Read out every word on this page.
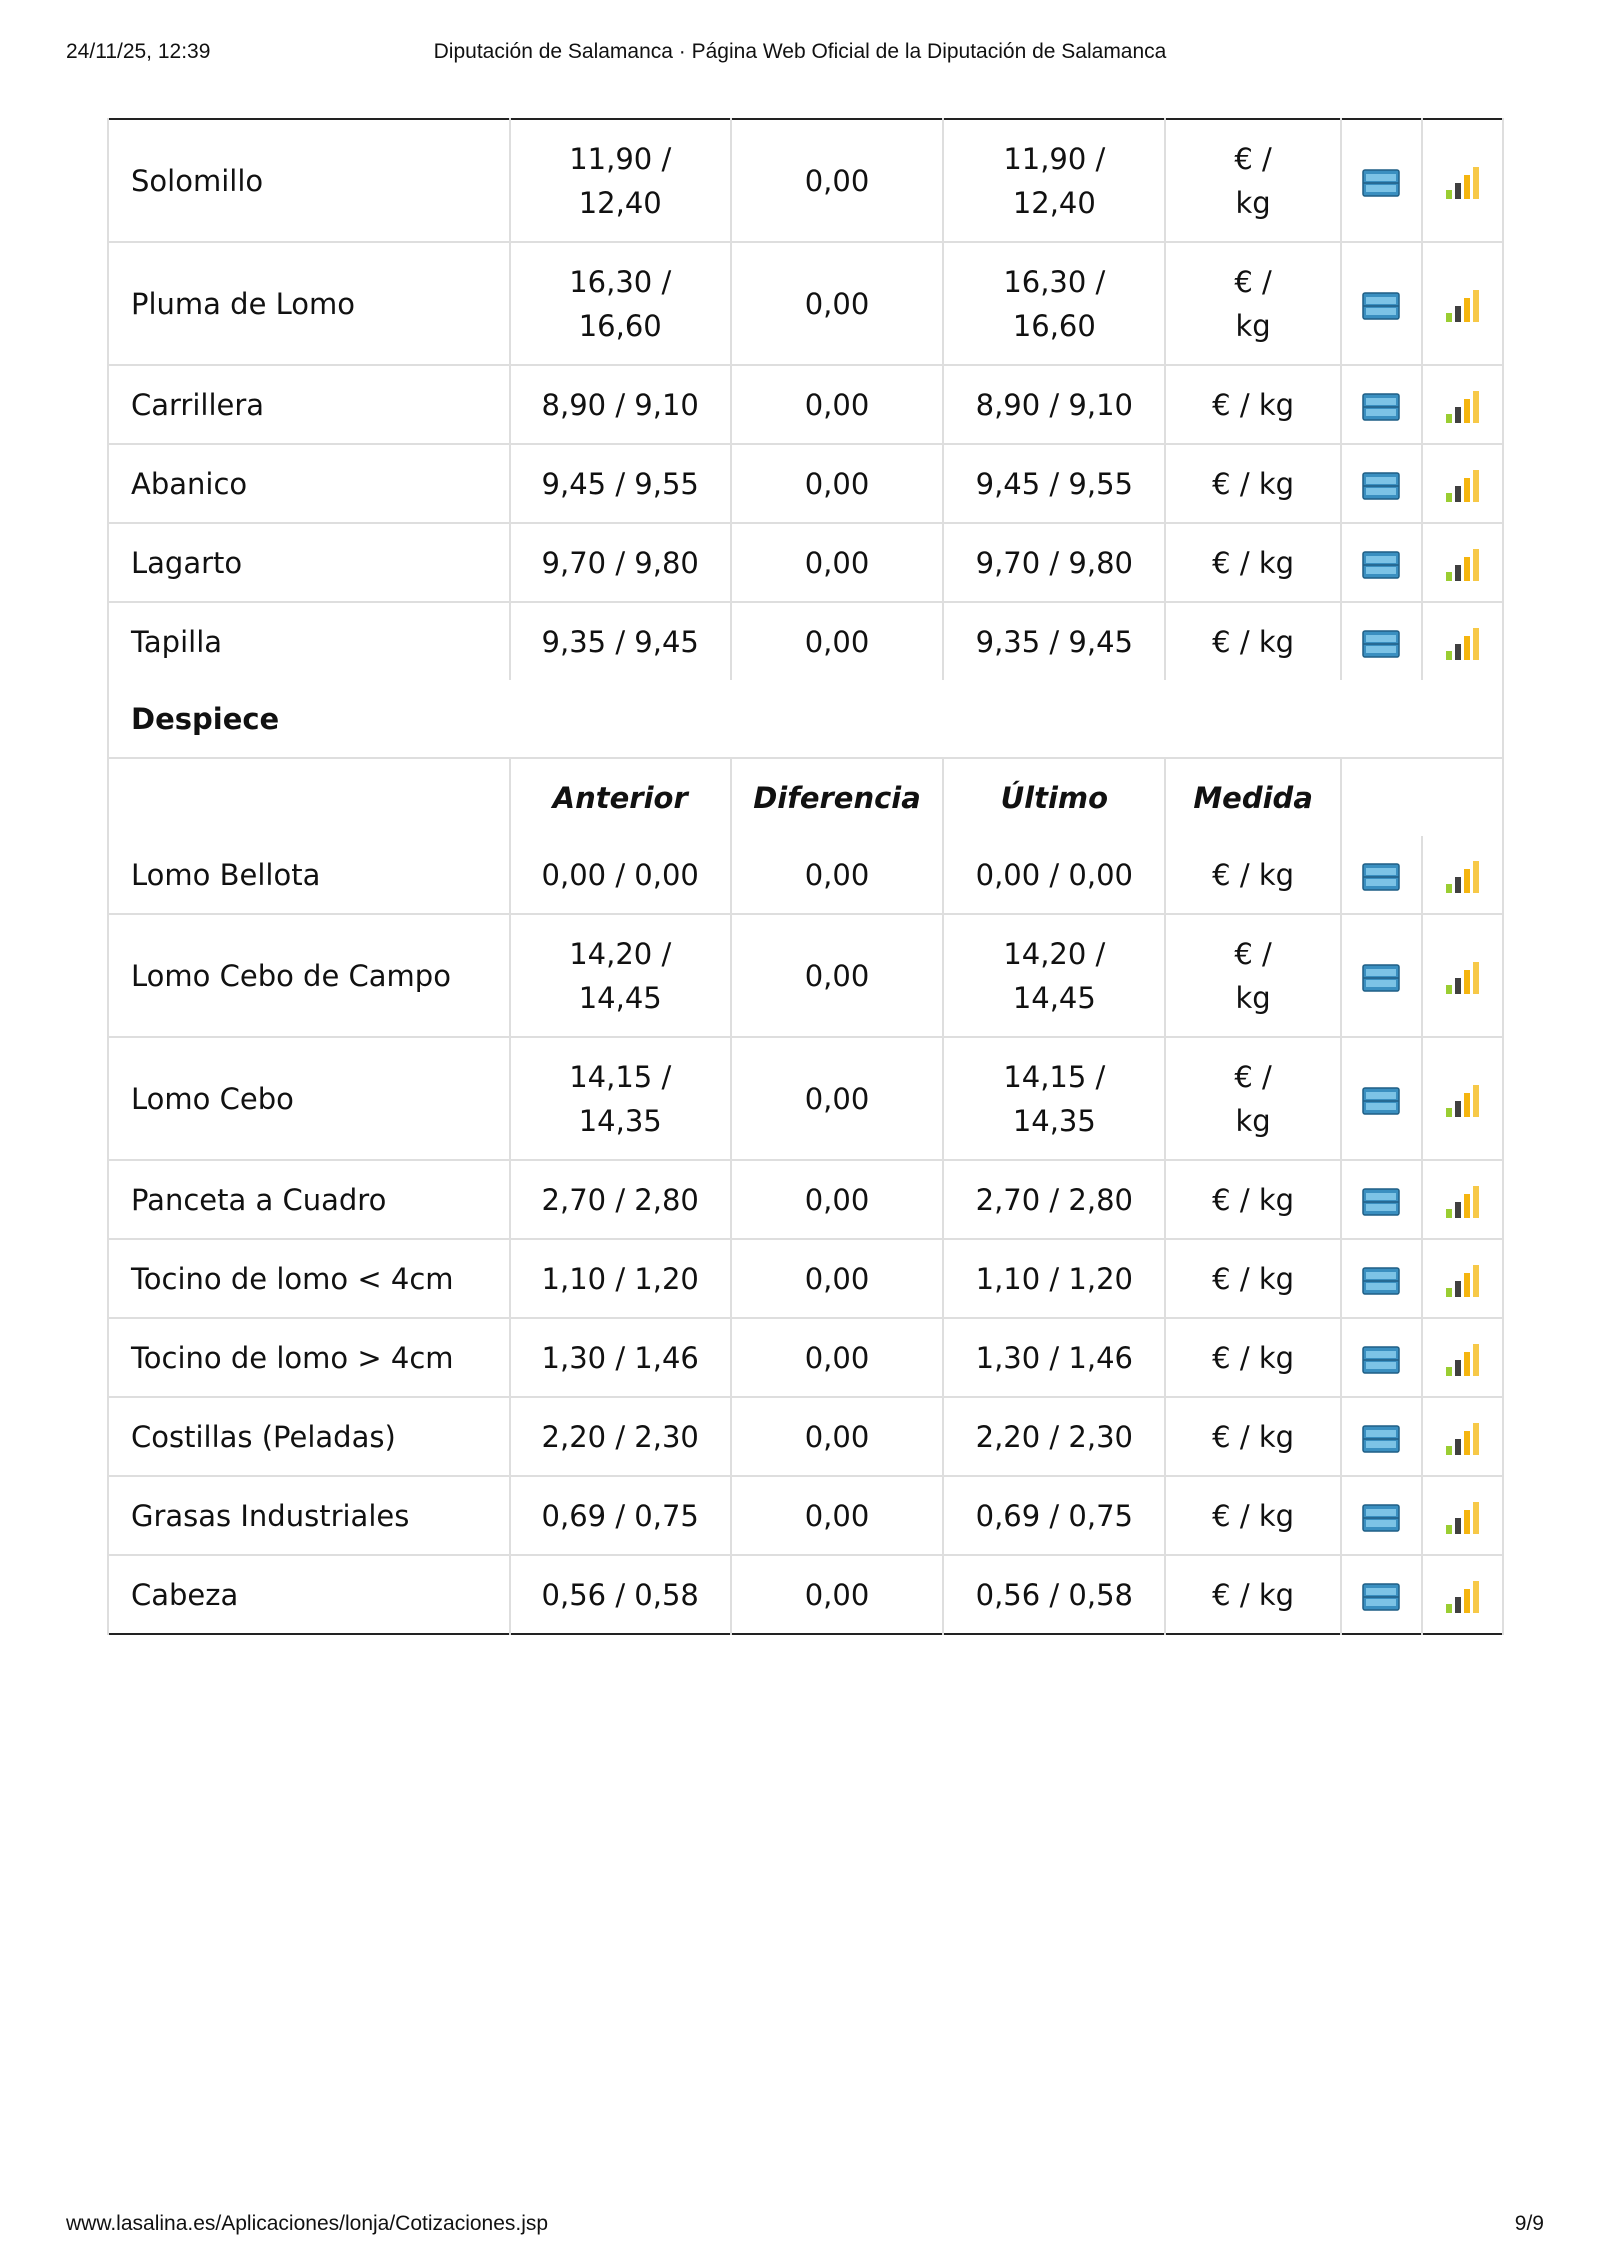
24/11/25, 12:39	Diputación de Salamanca · Página Web Oficial de la Diputación de Salamanca
Solomillo	11,90 / 12,40	0,00	11,90 / 12,40	€ / kg		
Pluma de Lomo	16,30 / 16,60	0,00	16,30 / 16,60	€ / kg		
Carrillera	8,90 / 9,10	0,00	8,90 / 9,10	€ / kg		
Abanico	9,45 / 9,55	0,00	9,45 / 9,55	€ / kg		
Lagarto	9,70 / 9,80	0,00	9,70 / 9,80	€ / kg		
Tapilla	9,35 / 9,45	0,00	9,35 / 9,45	€ / kg		
Despiece						
	Anterior	Diferencia	Último	Medida		
Lomo Bellota	0,00 / 0,00	0,00	0,00 / 0,00	€ / kg		
Lomo Cebo de Campo	14,20 / 14,45	0,00	14,20 / 14,45	€ / kg		
Lomo Cebo	14,15 / 14,35	0,00	14,15 / 14,35	€ / kg		
Panceta a Cuadro	2,70 / 2,80	0,00	2,70 / 2,80	€ / kg		
Tocino de lomo < 4cm	1,10 / 1,20	0,00	1,10 / 1,20	€ / kg		
Tocino de lomo > 4cm	1,30 / 1,46	0,00	1,30 / 1,46	€ / kg		
Costillas (Peladas)	2,20 / 2,30	0,00	2,20 / 2,30	€ / kg		
Grasas Industriales	0,69 / 0,75	0,00	0,69 / 0,75	€ / kg		
Cabeza	0,56 / 0,58	0,00	0,56 / 0,58	€ / kg		
www.lasalina.es/Aplicaciones/lonja/Cotizaciones.jsp	9/9
